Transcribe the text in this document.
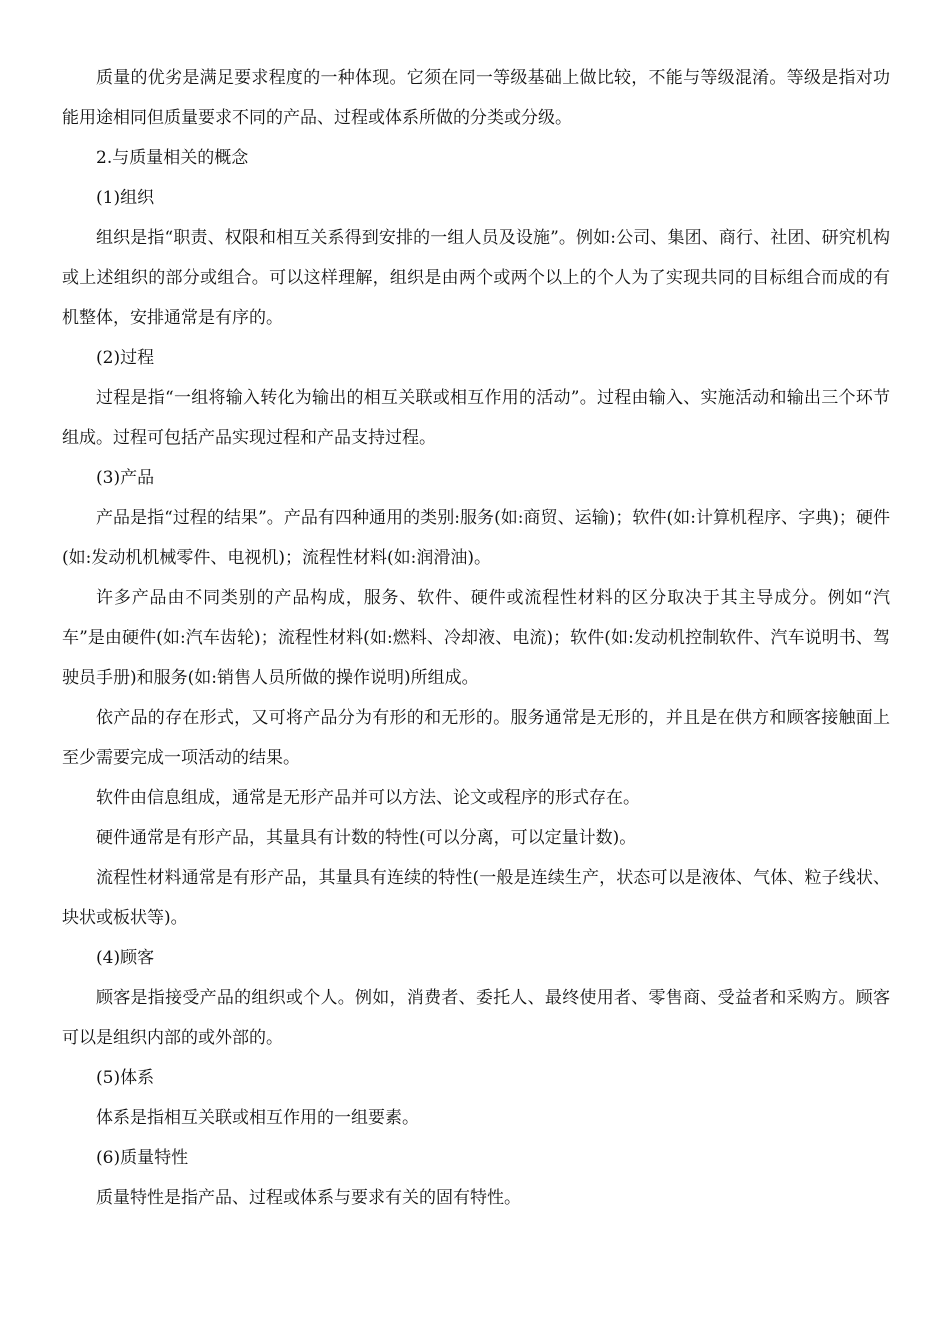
质量的优劣是满足要求程度的一种体现。它须在同一等级基础上做比较，不能与等级混淆。等级是指对功能用途相同但质量要求不同的产品、过程或体系所做的分类或分级。

2.与质量相关的概念

(1)组织

组织是指“职责、权限和相互关系得到安排的一组人员及设施”。例如:公司、集团、商行、社团、研究机构或上述组织的部分或组合。可以这样理解，组织是由两个或两个以上的个人为了实现共同的目标组合而成的有机整体，安排通常是有序的。

(2)过程

过程是指“一组将输入转化为输出的相互关联或相互作用的活动”。过程由输入、实施活动和输出三个环节组成。过程可包括产品实现过程和产品支持过程。

(3)产品

产品是指“过程的结果”。产品有四种通用的类别:服务(如:商贸、运输)；软件(如:计算机程序、字典)；硬件(如:发动机机械零件、电视机)；流程性材料(如:润滑油)。

许多产品由不同类别的产品构成，服务、软件、硬件或流程性材料的区分取决于其主导成分。例如“汽车”是由硬件(如:汽车齿轮)；流程性材料(如:燃料、冷却液、电流)；软件(如:发动机控制软件、汽车说明书、驾驶员手册)和服务(如:销售人员所做的操作说明)所组成。

依产品的存在形式，又可将产品分为有形的和无形的。服务通常是无形的，并且是在供方和顾客接触面上至少需要完成一项活动的结果。

软件由信息组成，通常是无形产品并可以方法、论文或程序的形式存在。

硬件通常是有形产品，其量具有计数的特性(可以分离，可以定量计数)。

流程性材料通常是有形产品，其量具有连续的特性(一般是连续生产，状态可以是液体、气体、粒子线状、块状或板状等)。

(4)顾客

顾客是指接受产品的组织或个人。例如，消费者、委托人、最终使用者、零售商、受益者和采购方。顾客可以是组织内部的或外部的。

(5)体系

体系是指相互关联或相互作用的一组要素。

(6)质量特性

质量特性是指产品、过程或体系与要求有关的固有特性。
